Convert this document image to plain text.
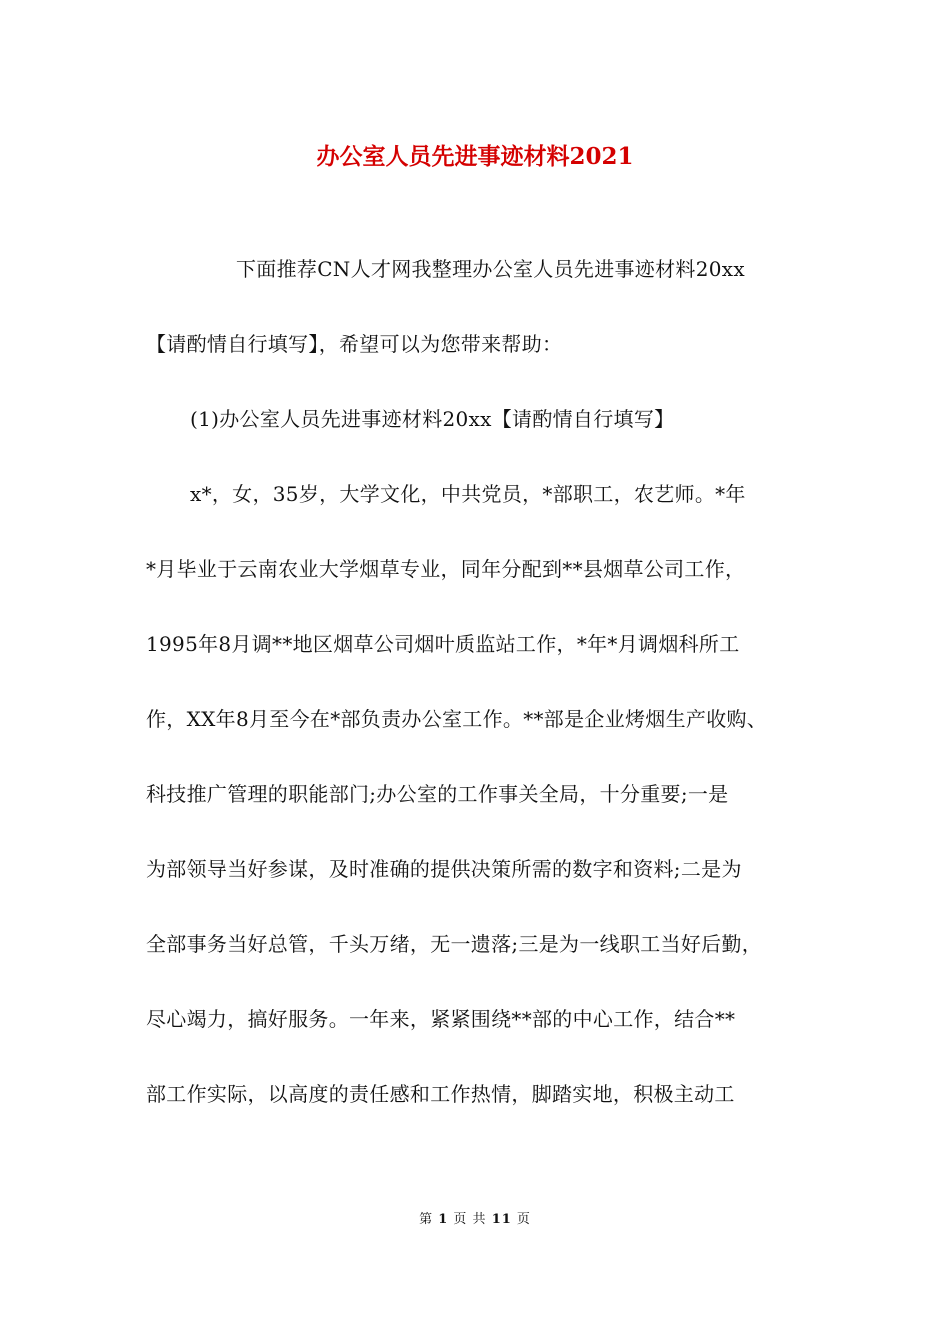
办公室人员先进事迹材料2021
下面推荐CN人才网我整理办公室人员先进事迹材料20xx
【请酌情自行填写】，希望可以为您带来帮助：
(1)办公室人员先进事迹材料20xx【请酌情自行填写】
x*，女，35岁，大学文化，中共党员，*部职工，农艺师。*年
*月毕业于云南农业大学烟草专业，同年分配到**县烟草公司工作，
1995年8月调**地区烟草公司烟叶质监站工作，*年*月调烟科所工
作，XX年8月至今在*部负责办公室工作。**部是企业烤烟生产收购、
科技推广管理的职能部门;办公室的工作事关全局，十分重要;一是
为部领导当好参谋，及时准确的提供决策所需的数字和资料;二是为
全部事务当好总管，千头万绪，无一遗落;三是为一线职工当好后勤，
尽心竭力，搞好服务。一年来，紧紧围绕**部的中心工作，结合**
部工作实际，以高度的责任感和工作热情，脚踏实地，积极主动工
第 1 页 共 11 页
